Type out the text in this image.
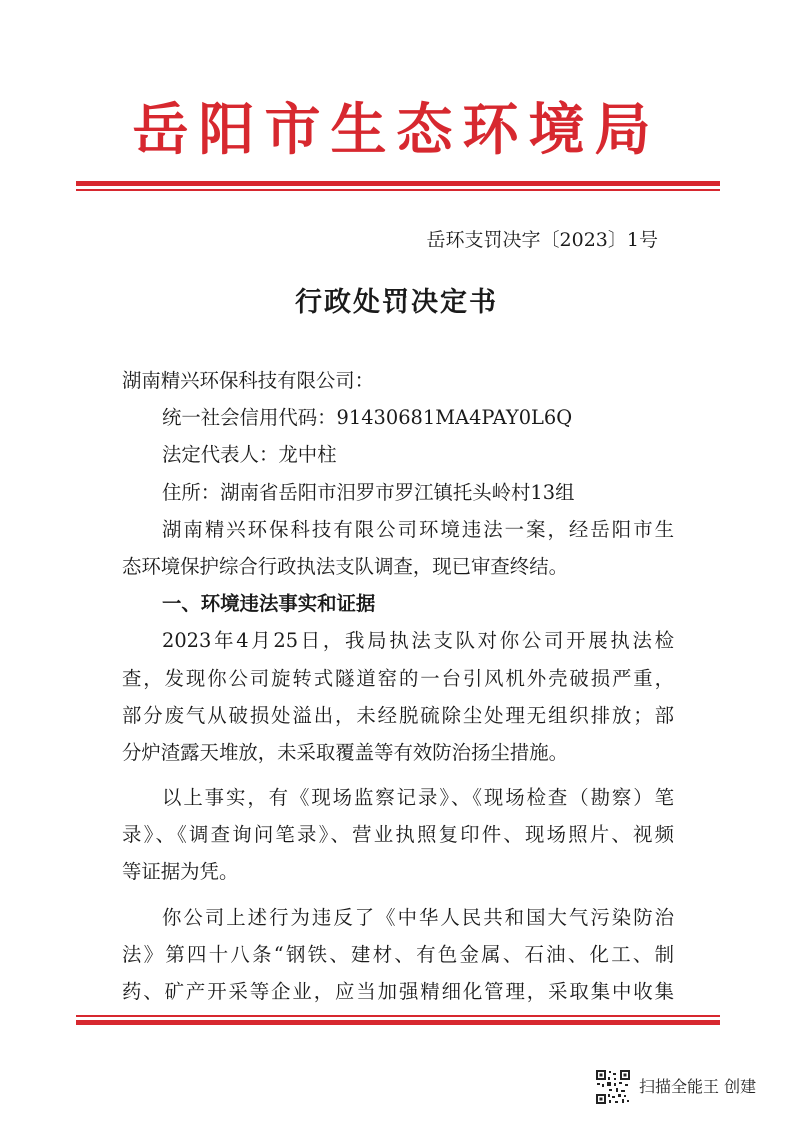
岳阳市生态环境局
岳环支罚决字〔2023〕1号
行政处罚决定书
湖南精兴环保科技有限公司：
统一社会信用代码：91430681MA4PAY0L6Q
法定代表人：龙中柱
住所：湖南省岳阳市汨罗市罗江镇托头岭村13组
湖南精兴环保科技有限公司环境违法一案，经岳阳市生
态环境保护综合行政执法支队调查，现已审查终结。
一、环境违法事实和证据
2023年4月25日，我局执法支队对你公司开展执法检
查，发现你公司旋转式隧道窑的一台引风机外壳破损严重，
部分废气从破损处溢出，未经脱硫除尘处理无组织排放；部
分炉渣露天堆放，未采取覆盖等有效防治扬尘措施。
以上事实，有《现场监察记录》、《现场检查（勘察）笔
录》、《调查询问笔录》、营业执照复印件、现场照片、视频
等证据为凭。
你公司上述行为违反了《中华人民共和国大气污染防治
法》第四十八条“钢铁、建材、有色金属、石油、化工、制
药、矿产开采等企业，应当加强精细化管理，采取集中收集
扫描全能王 创建
